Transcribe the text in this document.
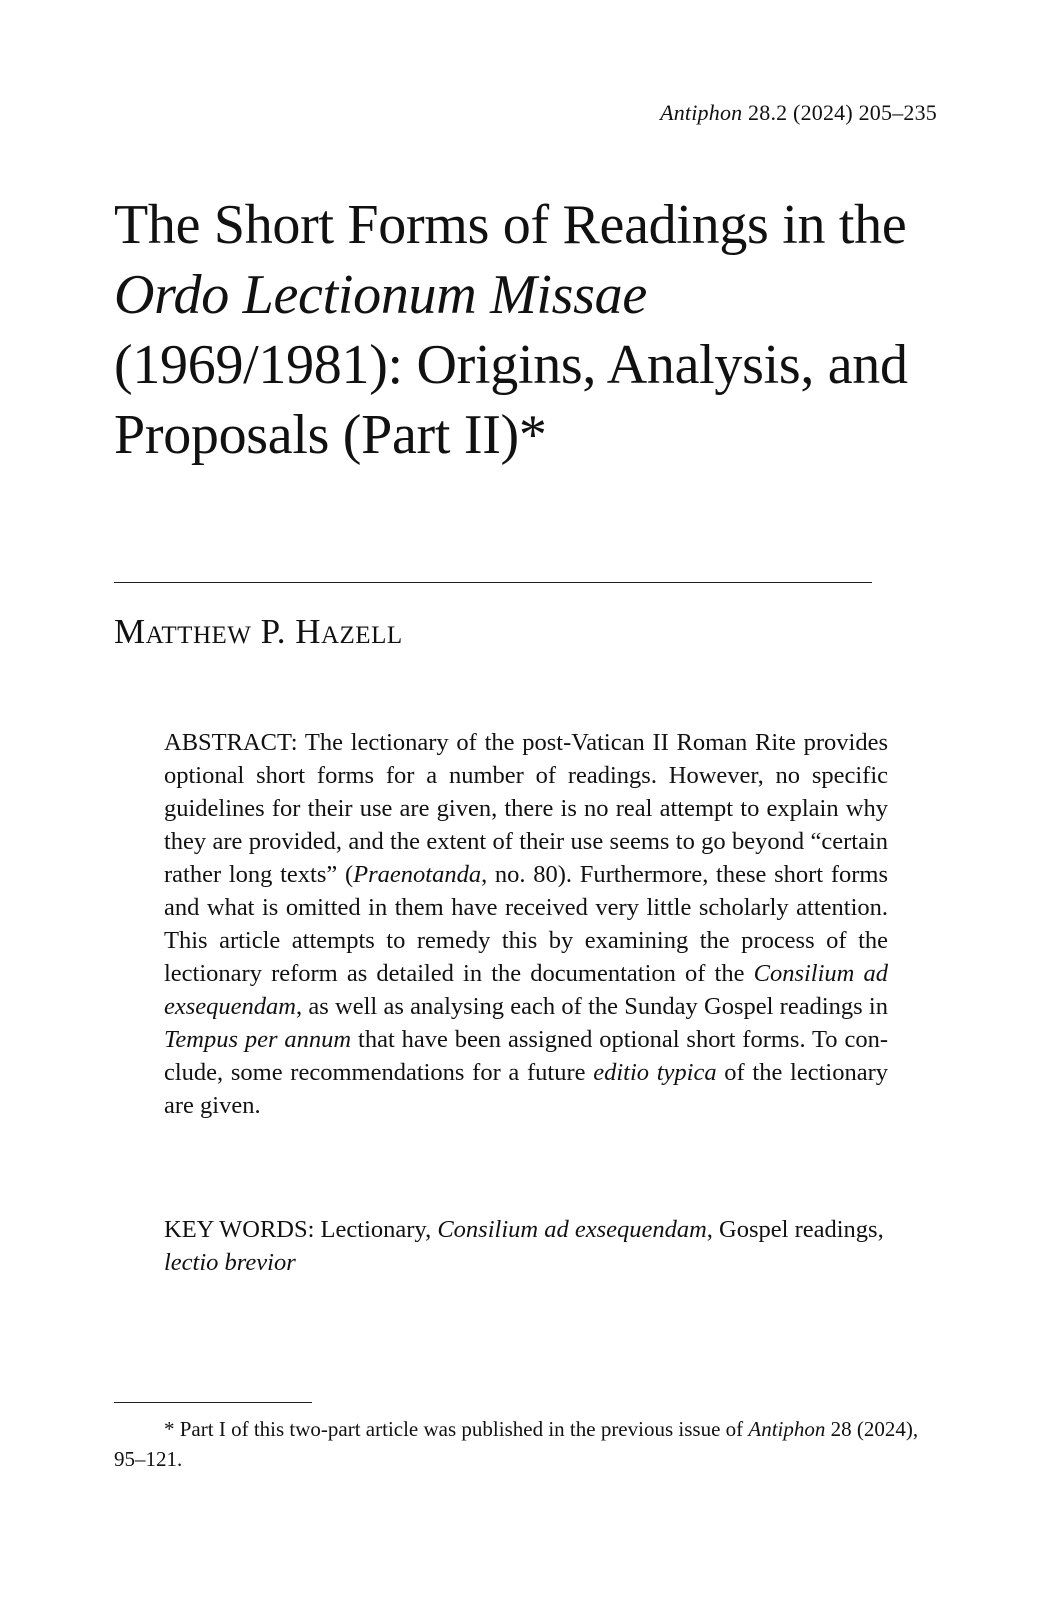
Antiphon 28.2 (2024) 205–235
The Short Forms of Readings in the Ordo Lectionum Missae (1969/1981): Origins, Analysis, and Proposals (Part II)*
Matthew P. Hazell

ABSTRACT: The lectionary of the post-Vatican II Roman Rite provides optional short forms for a number of readings. However, no specific guidelines for their use are given, there is no real attempt to explain why they are provided, and the extent of their use seems to go beyond “certain rather long texts” (Praenotanda, no. 80). Furthermore, these short forms and what is omitted in them have received very little scholarly attention. This article attempts to remedy this by examining the process of the lectionary reform as detailed in the documentation of the Consilium ad exsequendam, as well as analysing each of the Sunday Gospel readings in Tempus per annum that have been assigned optional short forms. To conclude, some recommendations for a future editio typica of the lectionary are given.

KEY WORDS: Lectionary, Consilium ad exsequendam, Gospel readings, lectio brevior
* Part I of this two-part article was published in the previous issue of Antiphon 28 (2024), 95–121.
